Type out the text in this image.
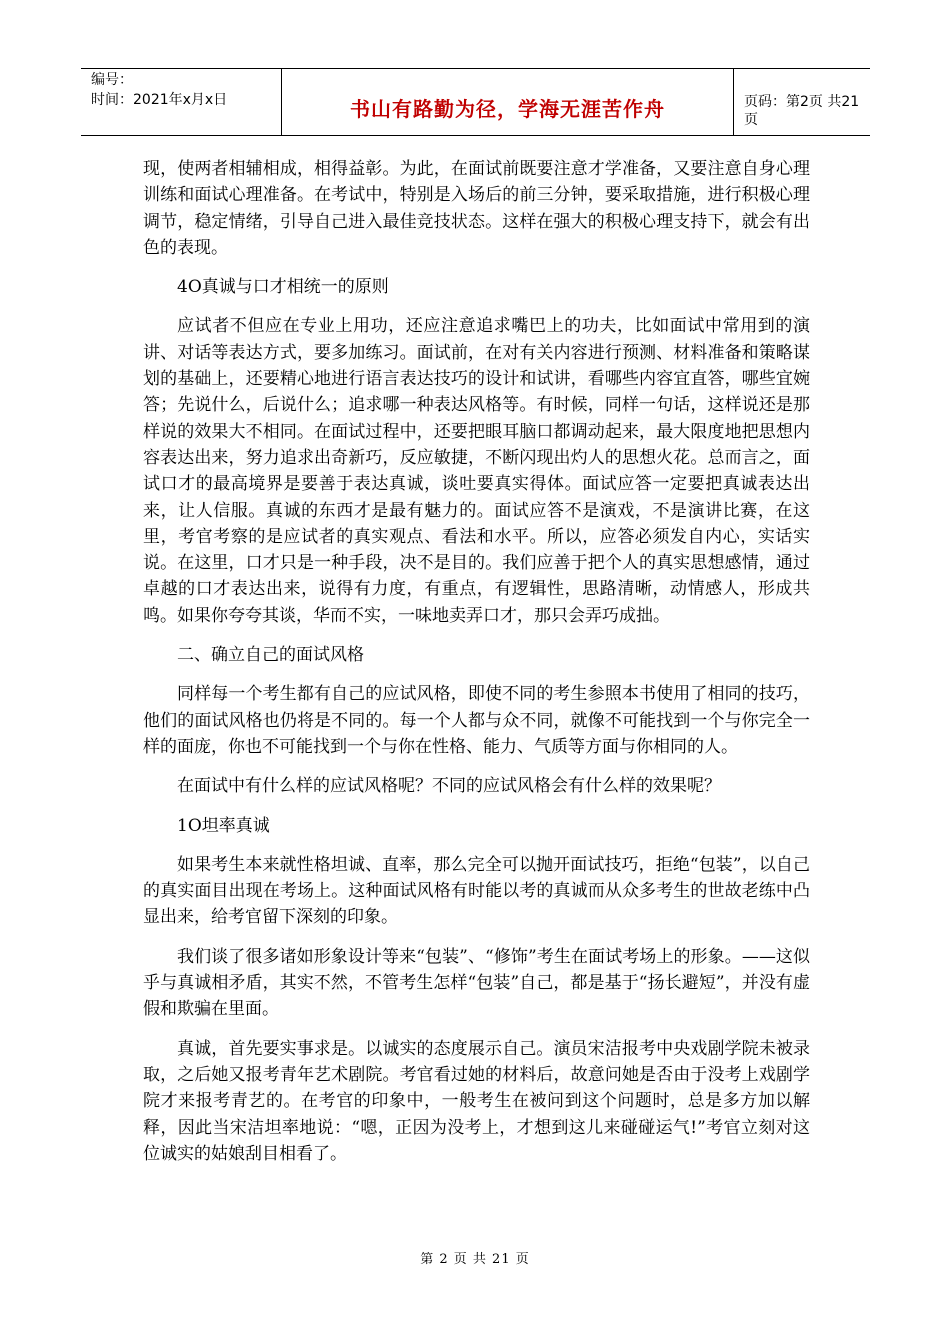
编号：
时间：2021年x月x日	书山有路勤为径，学海无涯苦作舟	页码：第2页 共21页

现，使两者相辅相成，相得益彰。为此，在面试前既要注意才学准备，又要注意自身心理训练和面试心理准备。在考试中，特别是入场后的前三分钟，要采取措施，进行积极心理调节，稳定情绪，引导自己进入最佳竞技状态。这样在强大的积极心理支持下，就会有出色的表现。

4O真诚与口才相统一的原则

应试者不但应在专业上用功，还应注意追求嘴巴上的功夫，比如面试中常用到的演讲、对话等表达方式，要多加练习。面试前，在对有关内容进行预测、材料准备和策略谋划的基础上，还要精心地进行语言表达技巧的设计和试讲，看哪些内容宜直答，哪些宜婉答；先说什么，后说什么；追求哪一种表达风格等。有时候，同样一句话，这样说还是那样说的效果大不相同。在面试过程中，还要把眼耳脑口都调动起来，最大限度地把思想内容表达出来，努力追求出奇新巧，反应敏捷，不断闪现出灼人的思想火花。总而言之，面试口才的最高境界是要善于表达真诚，谈吐要真实得体。面试应答一定要把真诚表达出来，让人信服。真诚的东西才是最有魅力的。面试应答不是演戏，不是演讲比赛，在这里，考官考察的是应试者的真实观点、看法和水平。所以，应答必须发自内心，实话实说。在这里，口才只是一种手段，决不是目的。我们应善于把个人的真实思想感情，通过卓越的口才表达出来，说得有力度，有重点，有逻辑性，思路清晰，动情感人，形成共鸣。如果你夸夸其谈，华而不实，一味地卖弄口才，那只会弄巧成拙。

二、确立自己的面试风格

同样每一个考生都有自己的应试风格，即使不同的考生参照本书使用了相同的技巧，他们的面试风格也仍将是不同的。每一个人都与众不同，就像不可能找到一个与你完全一样的面庞，你也不可能找到一个与你在性格、能力、气质等方面与你相同的人。

在面试中有什么样的应试风格呢？不同的应试风格会有什么样的效果呢？

1O坦率真诚

如果考生本来就性格坦诚、直率，那么完全可以抛开面试技巧，拒绝“包装”，以自己的真实面目出现在考场上。这种面试风格有时能以考的真诚而从众多考生的世故老练中凸显出来，给考官留下深刻的印象。

我们谈了很多诸如形象设计等来“包装”、“修饰”考生在面试考场上的形象。——这似乎与真诚相矛盾，其实不然，不管考生怎样“包装”自己，都是基于“扬长避短”，并没有虚假和欺骗在里面。

真诚，首先要实事求是。以诚实的态度展示自己。演员宋洁报考中央戏剧学院未被录取，之后她又报考青年艺术剧院。考官看过她的材料后，故意问她是否由于没考上戏剧学院才来报考青艺的。在考官的印象中，一般考生在被问到这个问题时，总是多方加以解释，因此当宋洁坦率地说：“嗯，正因为没考上，才想到这儿来碰碰运气!”考官立刻对这位诚实的姑娘刮目相看了。

第 2 页 共 21 页
